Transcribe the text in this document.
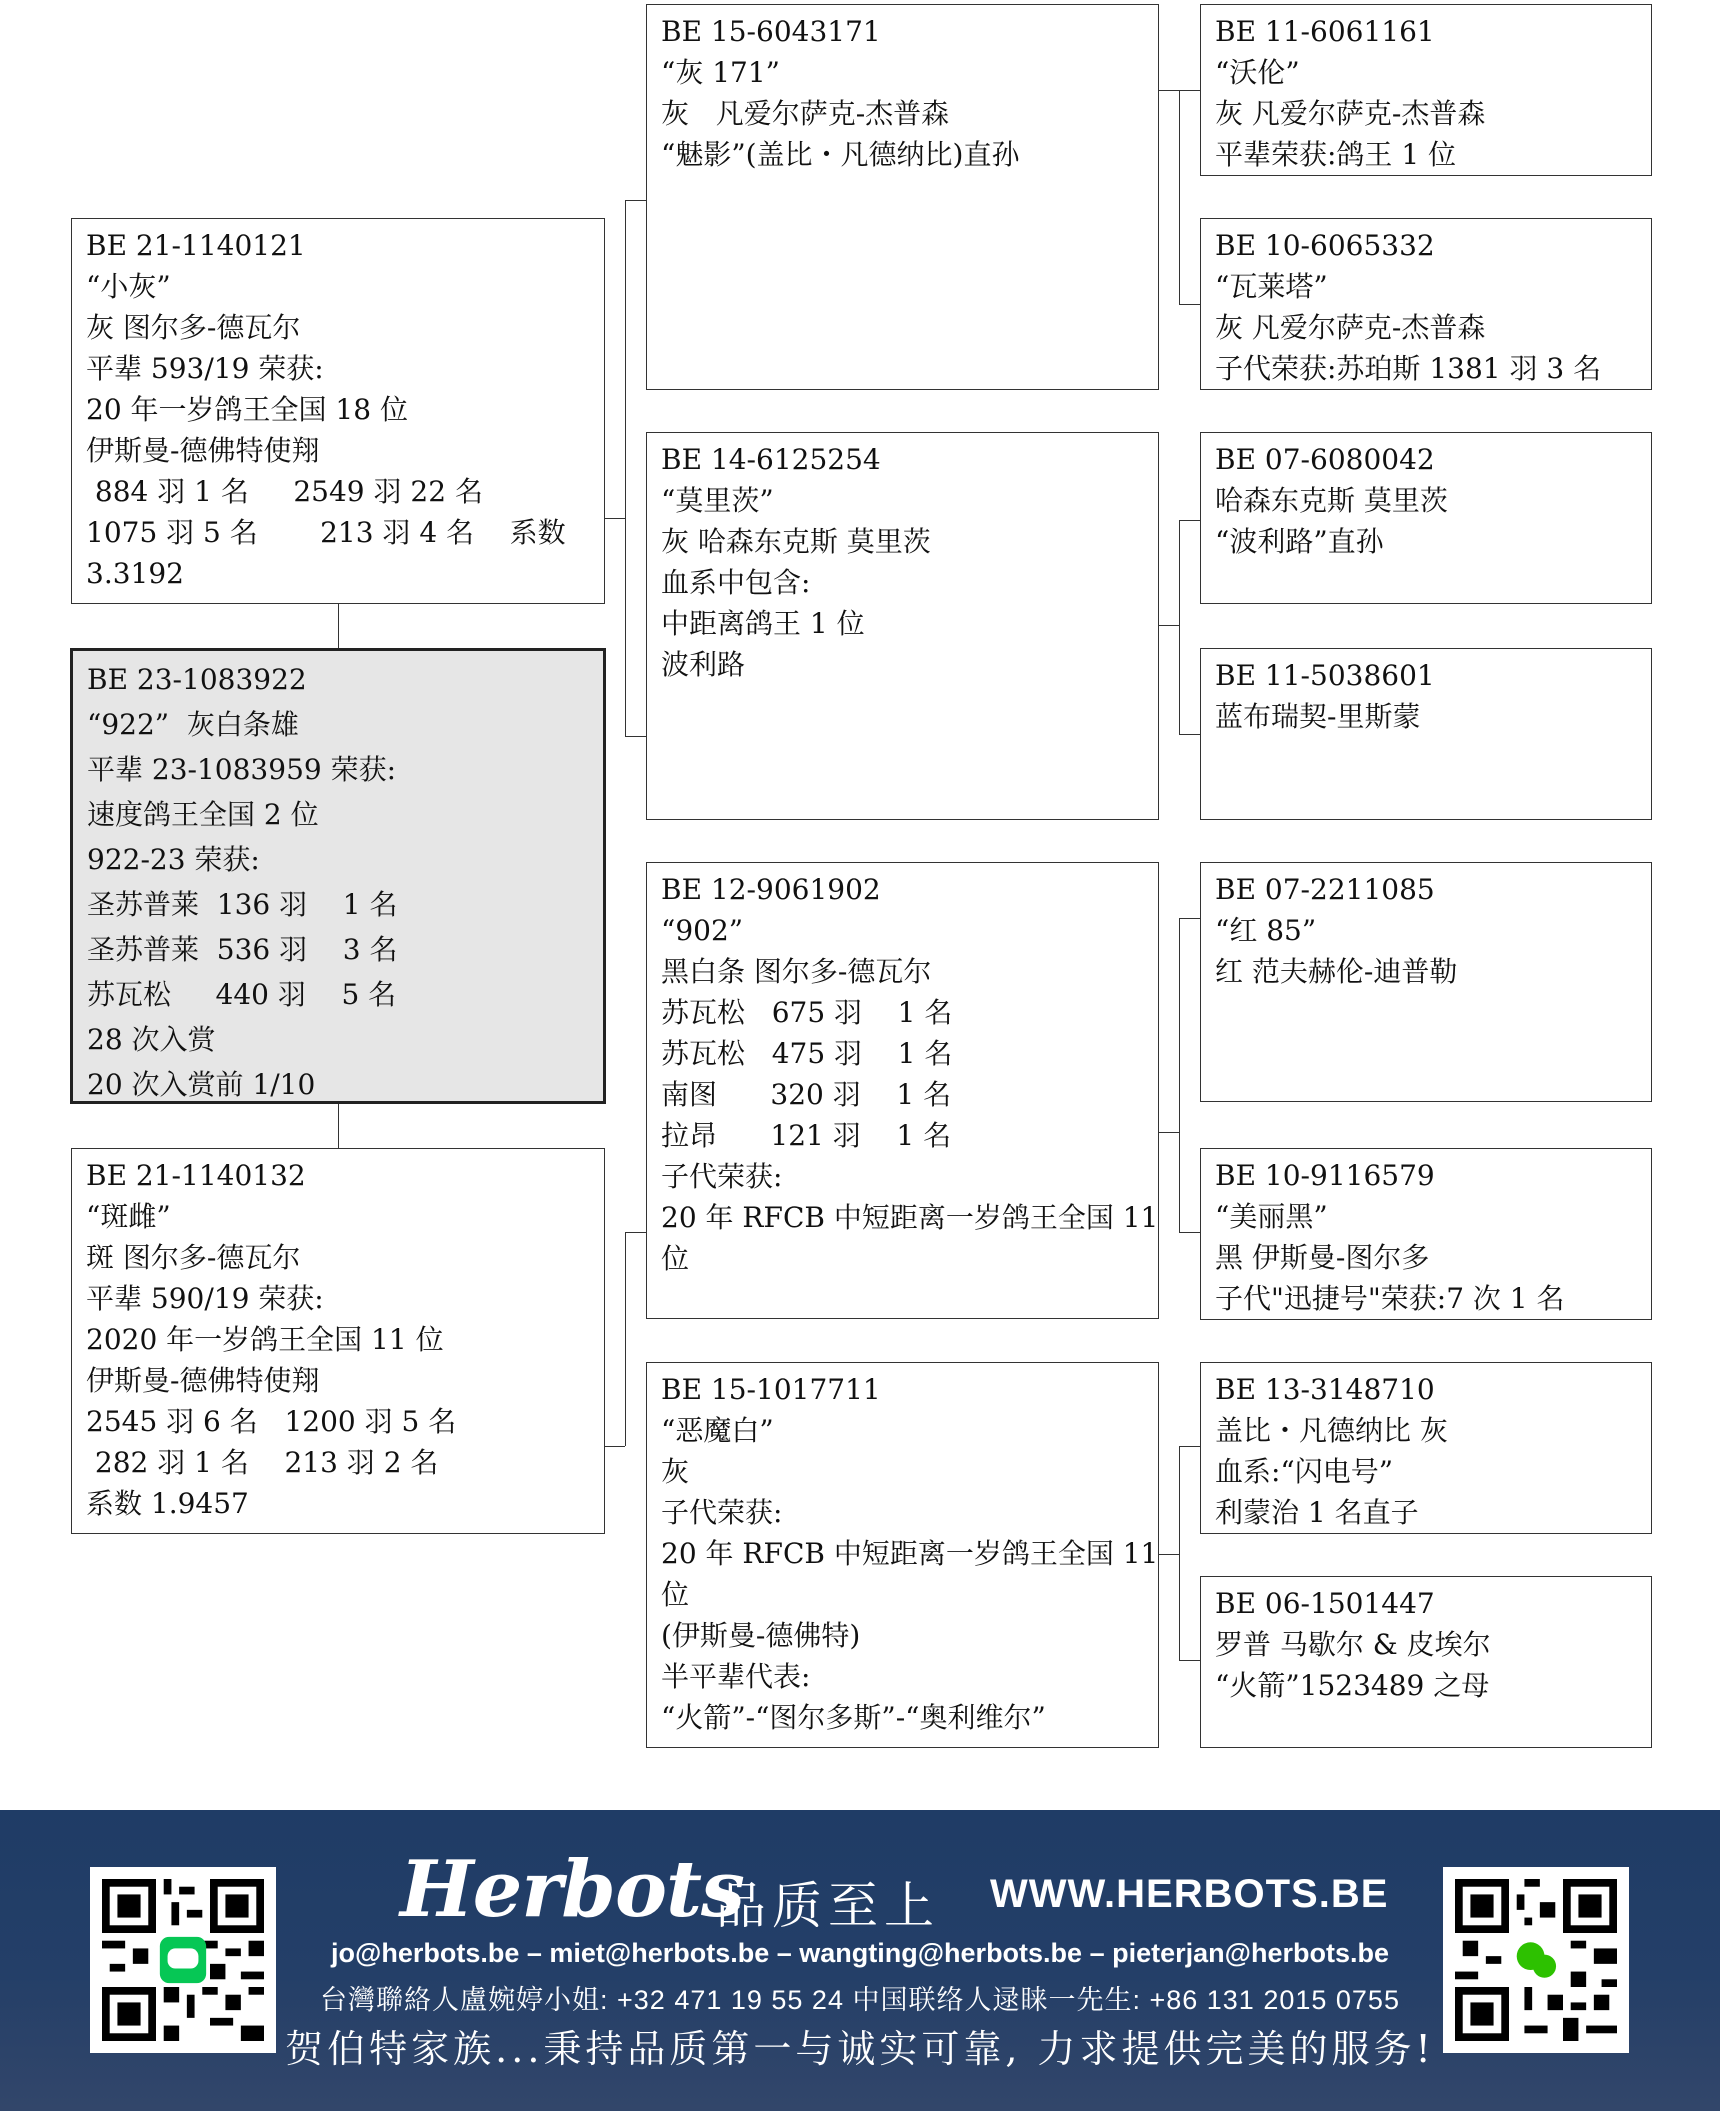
BE 21-1140121
“小灰”
灰 图尔多-德瓦尔
平辈 593/19 荣获:
20 年一岁鸽王全国 18 位
伊斯曼-德佛特使翔
884 羽 1 名     2549 羽 22 名
1075 羽 5 名       213 羽 4 名    系数
3.3192
BE 23-1083922
“922”  灰白条雄
平辈 23-1083959 荣获:
速度鸽王全国 2 位
922-23 荣获:
圣苏普莱  136 羽    1 名
圣苏普莱  536 羽    3 名
苏瓦松     440 羽    5 名
28 次入赏
20 次入赏前 1/10
BE 21-1140132
“斑雌”
斑 图尔多-德瓦尔
平辈 590/19 荣获:
2020 年一岁鸽王全国 11 位
伊斯曼-德佛特使翔
2545 羽 6 名   1200 羽 5 名
282 羽 1 名    213 羽 2 名
系数 1.9457
BE 15-6043171
“灰 171”
灰   凡爱尔萨克-杰普森
“魅影”(盖比・凡德纳比)直孙
BE 14-6125254
“莫里茨”
灰 哈森东克斯 莫里茨
血系中包含:
中距离鸽王 1 位
波利路
BE 12-9061902
“902”
黑白条 图尔多-德瓦尔
苏瓦松   675 羽    1 名
苏瓦松   475 羽    1 名
南图      320 羽    1 名
拉昂      121 羽    1 名
子代荣获:
20 年 RFCB 中短距离一岁鸽王全国 11
位
BE 15-1017711
“恶魔白”
灰
子代荣获:
20 年 RFCB 中短距离一岁鸽王全国 11
位
(伊斯曼-德佛特)
半平辈代表:
“火箭”-“图尔多斯”-“奥利维尔”
BE 11-6061161
“沃伦”
灰 凡爱尔萨克-杰普森
平辈荣获:鸽王 1 位
BE 10-6065332
“瓦莱塔”
灰 凡爱尔萨克-杰普森
子代荣获:苏珀斯 1381 羽 3 名
BE 07-6080042
哈森东克斯 莫里茨
“波利路”直孙
BE 11-5038601
蓝布瑞契-里斯蒙
BE 07-2211085
“红 85”
红 范夫赫伦-迪普勒
BE 10-9116579
“美丽黑”
黑 伊斯曼-图尔多
子代"迅捷号"荣获:7 次 1 名
BE 13-3148710
盖比・凡德纳比 灰
血系:“闪电号”
利蒙治 1 名直子
BE 06-1501447
罗普 马歇尔 & 皮埃尔
“火箭”1523489 之母
Herbots
品质至上 WWW.HERBOTS.BE
jo@herbots.be – miet@herbots.be – wangting@herbots.be – pieterjan@herbots.be
台灣聯絡人盧婉婷小姐: +32 471 19 55 24 中国联络人逯睐一先生: +86 131 2015 0755
贺伯特家族...秉持品质第一与诚实可靠, 力求提供完美的服务!
